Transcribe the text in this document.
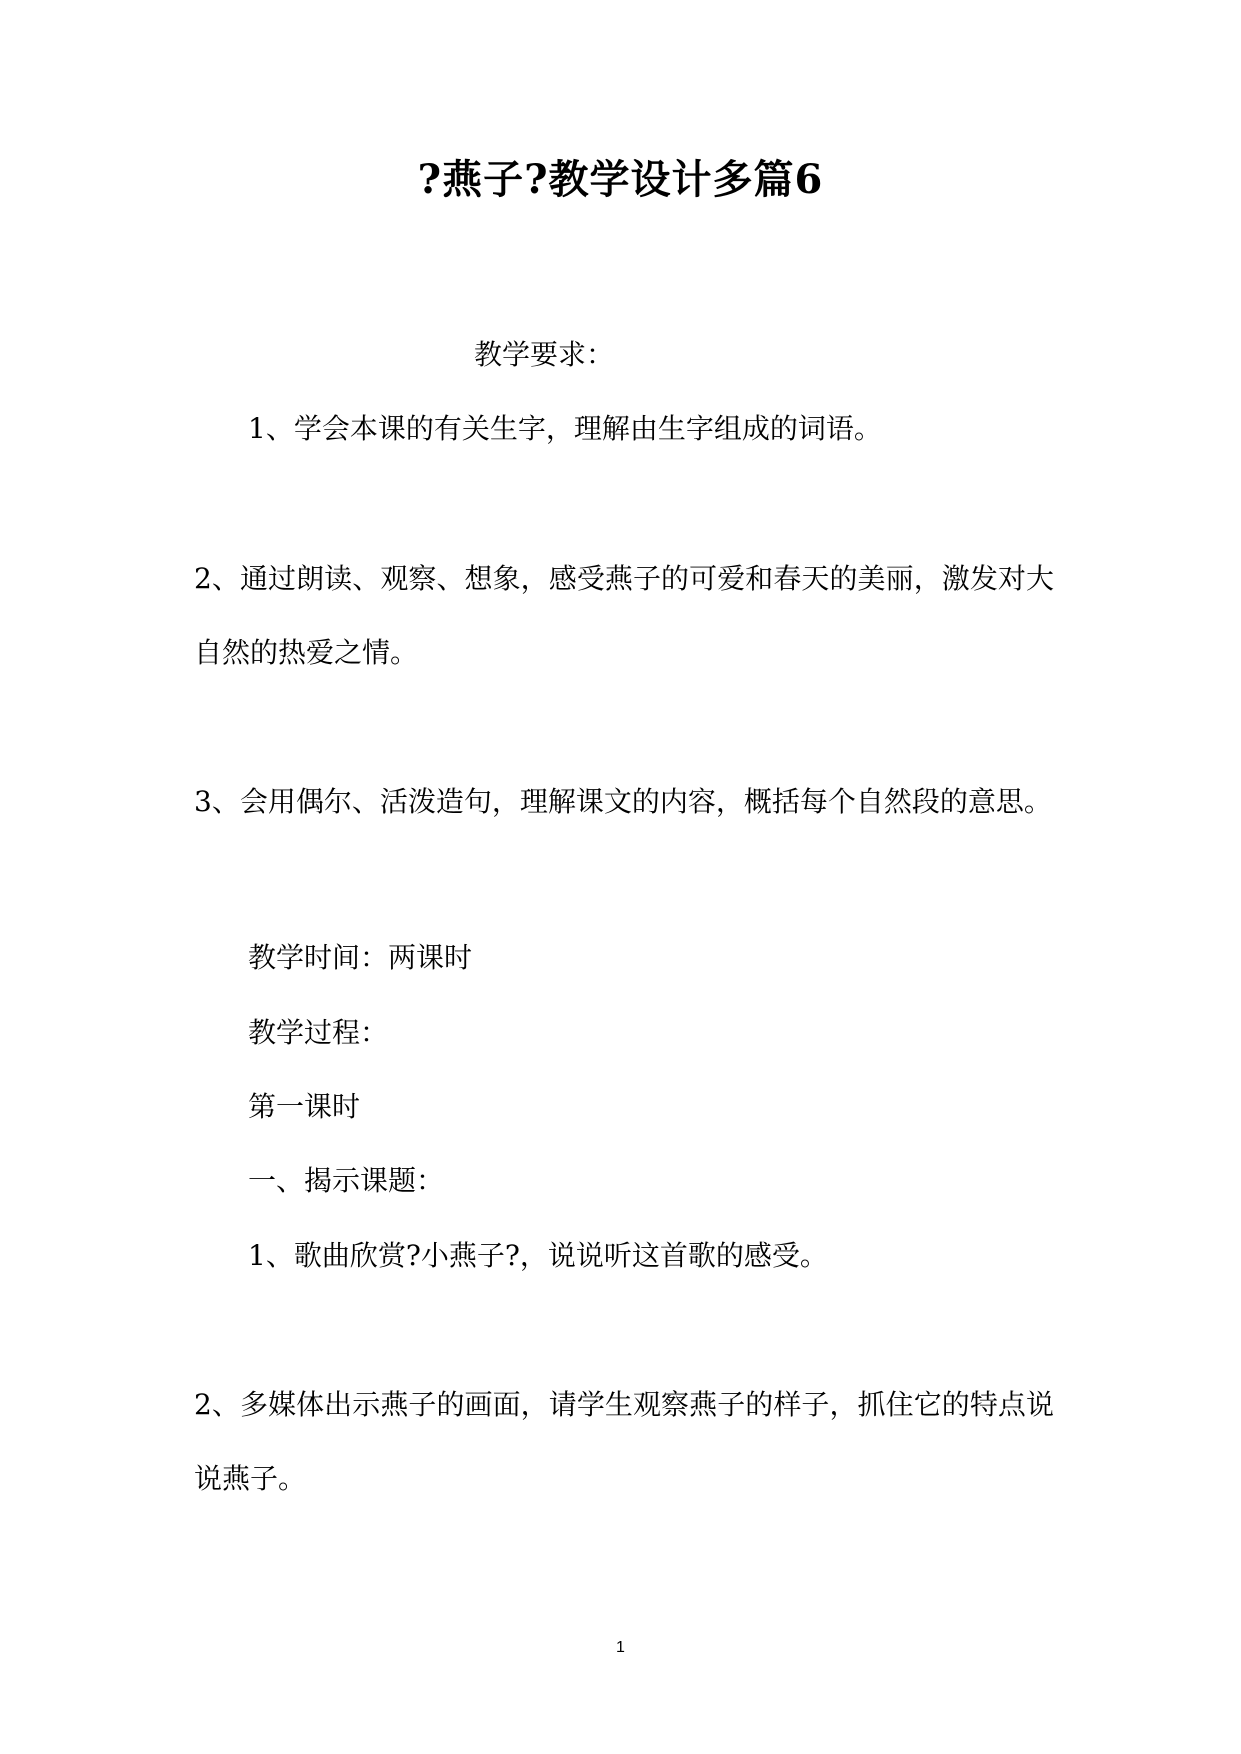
?燕子?教学设计多篇6
教学要求：
1、学会本课的有关生字，理解由生字组成的词语。
2、通过朗读、观察、想象，感受燕子的可爱和春天的美丽，激发对大自然的热爱之情。
3、会用偶尔、活泼造句，理解课文的内容，概括每个自然段的意思。
教学时间：两课时
教学过程：
第一课时
一、揭示课题：
1、歌曲欣赏?小燕子?，说说听这首歌的感受。
2、多媒体出示燕子的画面，请学生观察燕子的样子，抓住它的特点说说燕子。
1
